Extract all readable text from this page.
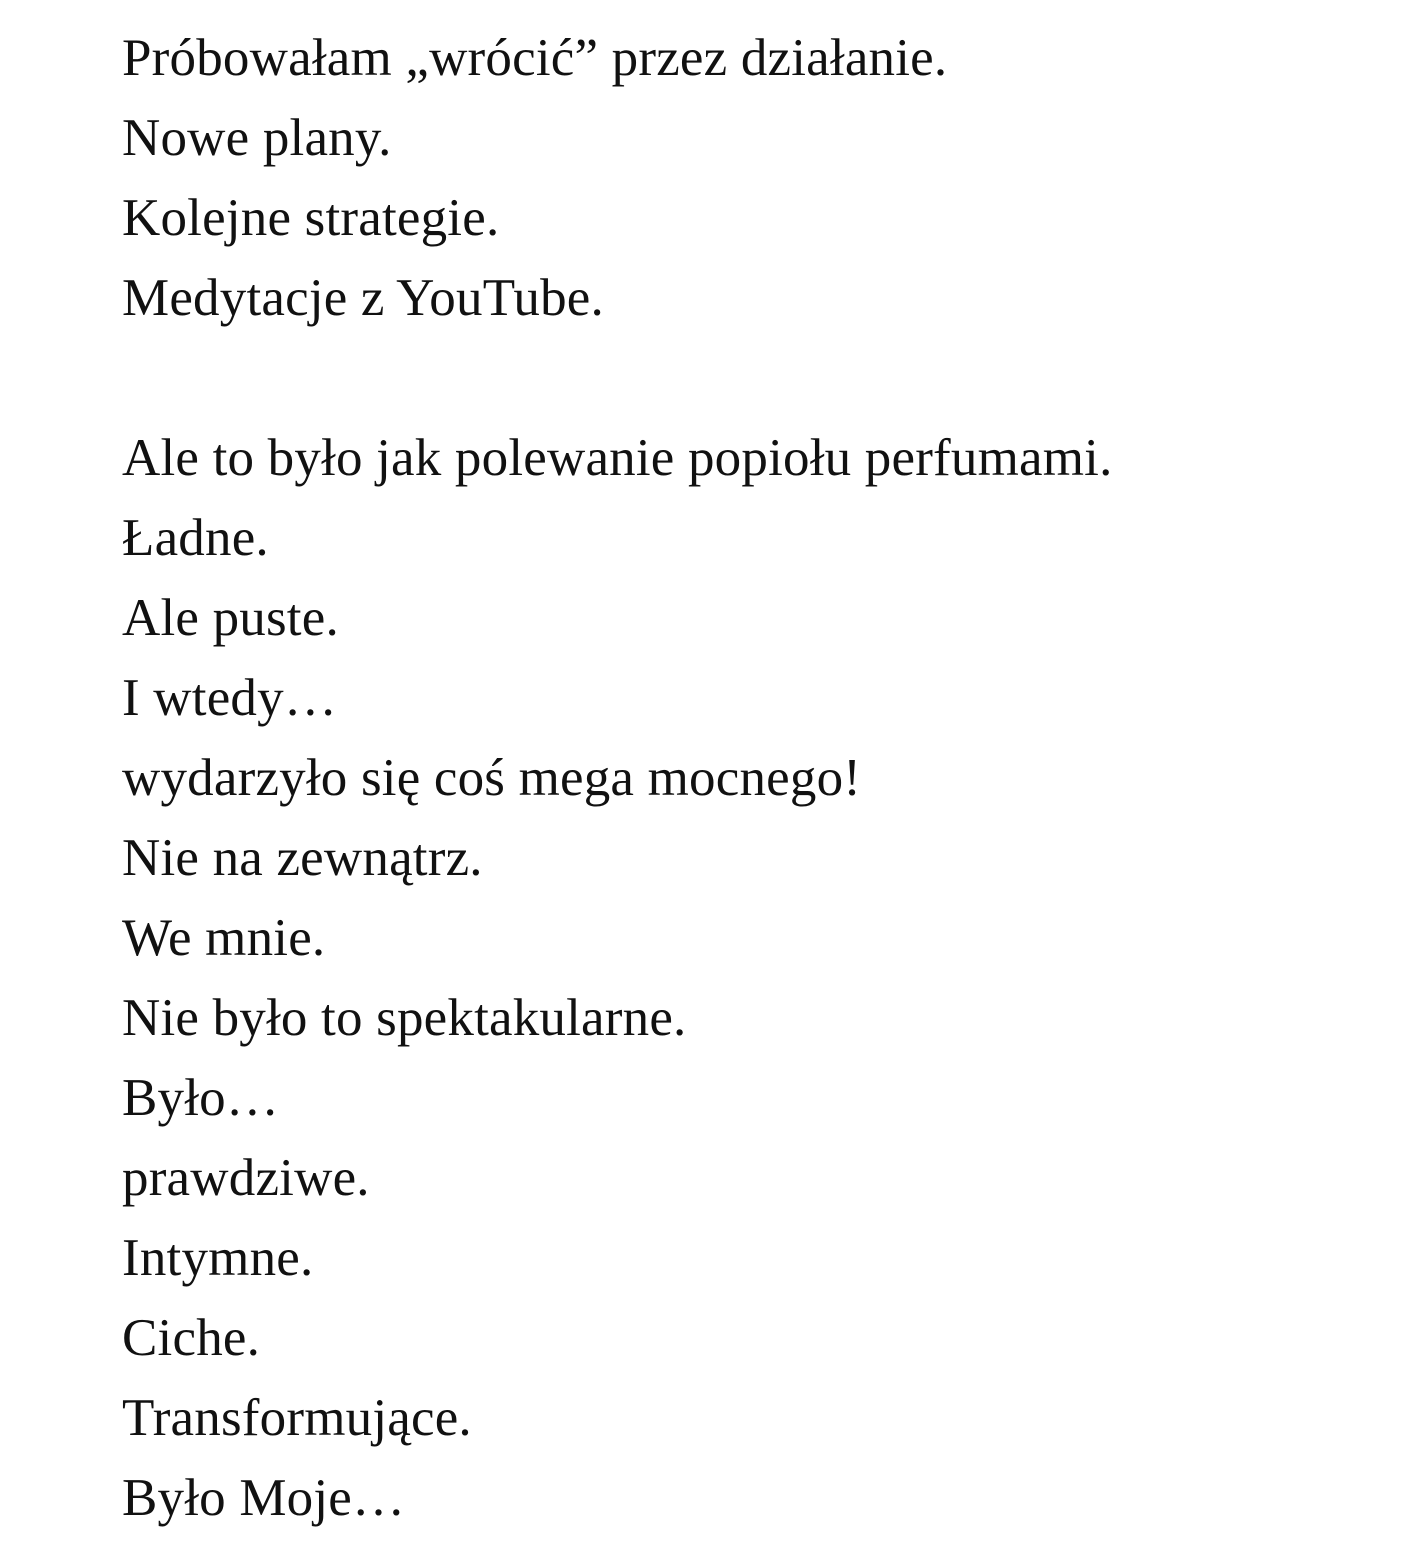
Próbowałam „wrócić” przez działanie.
Nowe plany.
Kolejne strategie.
Medytacje z YouTube.
Ale to było jak polewanie popiołu perfumami.
Ładne.
Ale puste.
I wtedy…
wydarzyło się coś mega mocnego!
Nie na zewnątrz.
We mnie.
Nie było to spektakularne.
Było…
prawdziwe.
Intymne.
Ciche.
Transformujące.
Było Moje…
